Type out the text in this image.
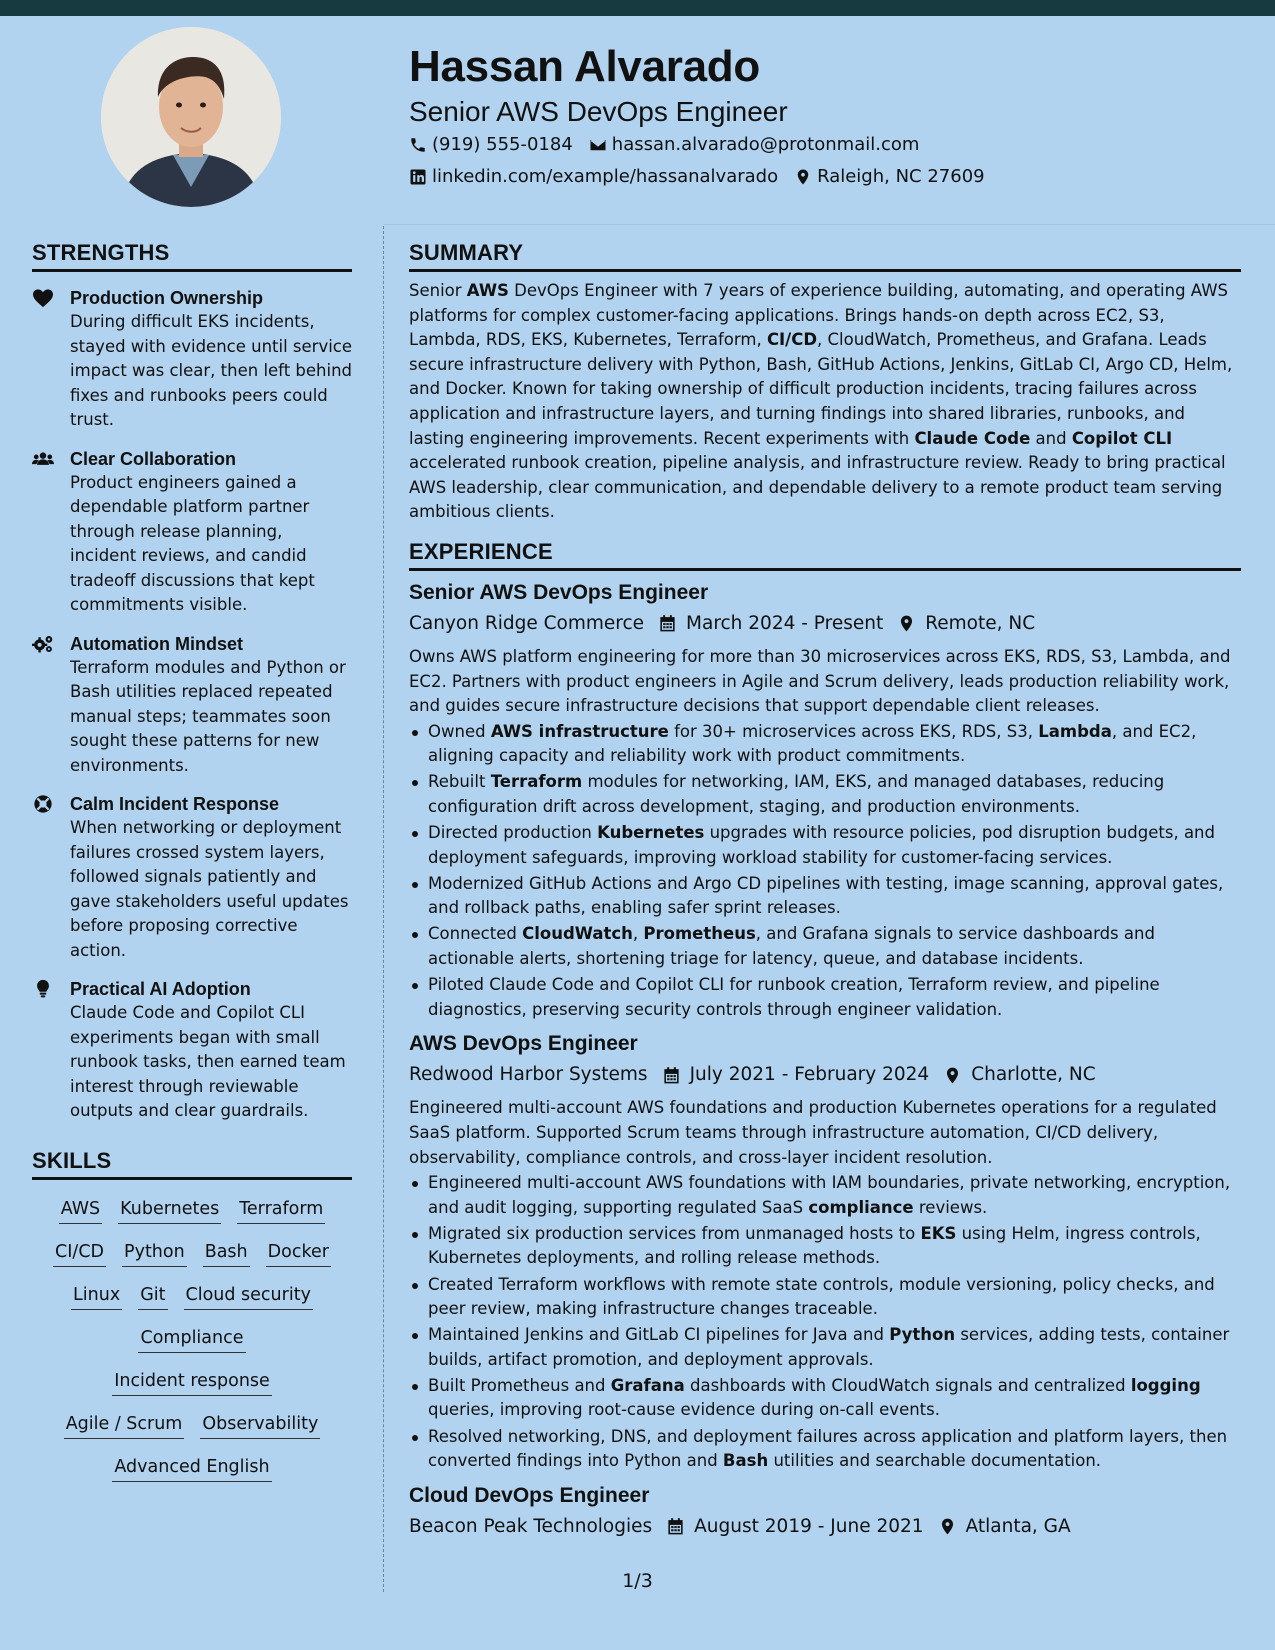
Hassan Alvarado
Senior AWS DevOps Engineer
(919) 555-0184 hassan.alvarado@protonmail.com
linkedin.com/example/hassanalvarado Raleigh, NC 27609
STRENGTHS
Production Ownership
During difficult EKS incidents, stayed with evidence until service impact was clear, then left behind fixes and runbooks peers could trust.
Clear Collaboration
Product engineers gained a dependable platform partner through release planning, incident reviews, and candid tradeoff discussions that kept commitments visible.
Automation Mindset
Terraform modules and Python or Bash utilities replaced repeated manual steps; teammates soon sought these patterns for new environments.
Calm Incident Response
When networking or deployment failures crossed system layers, followed signals patiently and gave stakeholders useful updates before proposing corrective action.
Practical AI Adoption
Claude Code and Copilot CLI experiments began with small runbook tasks, then earned team interest through reviewable outputs and clear guardrails.
SKILLS
AWS Kubernetes Terraform
CI/CD Python Bash Docker
Linux Git Cloud security
Compliance
Incident response
Agile / Scrum Observability
Advanced English
SUMMARY

Senior AWS DevOps Engineer with 7 years of experience building, automating, and operating AWS platforms for complex customer-facing applications. Brings hands-on depth across EC2, S3, Lambda, RDS, EKS, Kubernetes, Terraform, CI/CD, CloudWatch, Prometheus, and Grafana. Leads secure infrastructure delivery with Python, Bash, GitHub Actions, Jenkins, GitLab CI, Argo CD, Helm, and Docker. Known for taking ownership of difficult production incidents, tracing failures across application and infrastructure layers, and turning findings into shared libraries, runbooks, and lasting engineering improvements. Recent experiments with Claude Code and Copilot CLI accelerated runbook creation, pipeline analysis, and infrastructure review. Ready to bring practical AWS leadership, clear communication, and dependable delivery to a remote product team serving ambitious clients.

EXPERIENCE
Senior AWS DevOps Engineer
Canyon Ridge Commerce March 2024 - Present Remote, NC
Owns AWS platform engineering for more than 30 microservices across EKS, RDS, S3, Lambda, and EC2. Partners with product engineers in Agile and Scrum delivery, leads production reliability work, and guides secure infrastructure decisions that support dependable client releases.
Owned AWS infrastructure for 30+ microservices across EKS, RDS, S3, Lambda, and EC2, aligning capacity and reliability work with product commitments.
Rebuilt Terraform modules for networking, IAM, EKS, and managed databases, reducing configuration drift across development, staging, and production environments.
Directed production Kubernetes upgrades with resource policies, pod disruption budgets, and deployment safeguards, improving workload stability for customer-facing services.
Modernized GitHub Actions and Argo CD pipelines with testing, image scanning, approval gates, and rollback paths, enabling safer sprint releases.
Connected CloudWatch, Prometheus, and Grafana signals to service dashboards and actionable alerts, shortening triage for latency, queue, and database incidents.
Piloted Claude Code and Copilot CLI for runbook creation, Terraform review, and pipeline diagnostics, preserving security controls through engineer validation.
AWS DevOps Engineer
Redwood Harbor Systems July 2021 - February 2024 Charlotte, NC
Engineered multi-account AWS foundations and production Kubernetes operations for a regulated SaaS platform. Supported Scrum teams through infrastructure automation, CI/CD delivery, observability, compliance controls, and cross-layer incident resolution.
Engineered multi-account AWS foundations with IAM boundaries, private networking, encryption, and audit logging, supporting regulated SaaS compliance reviews.
Migrated six production services from unmanaged hosts to EKS using Helm, ingress controls, Kubernetes deployments, and rolling release methods.
Created Terraform workflows with remote state controls, module versioning, policy checks, and peer review, making infrastructure changes traceable.
Maintained Jenkins and GitLab CI pipelines for Java and Python services, adding tests, container builds, artifact promotion, and deployment approvals.
Built Prometheus and Grafana dashboards with CloudWatch signals and centralized logging queries, improving root-cause evidence during on-call events.
Resolved networking, DNS, and deployment failures across application and platform layers, then converted findings into Python and Bash utilities and searchable documentation.
Cloud DevOps Engineer
Beacon Peak Technologies August 2019 - June 2021 Atlanta, GA
1/3
